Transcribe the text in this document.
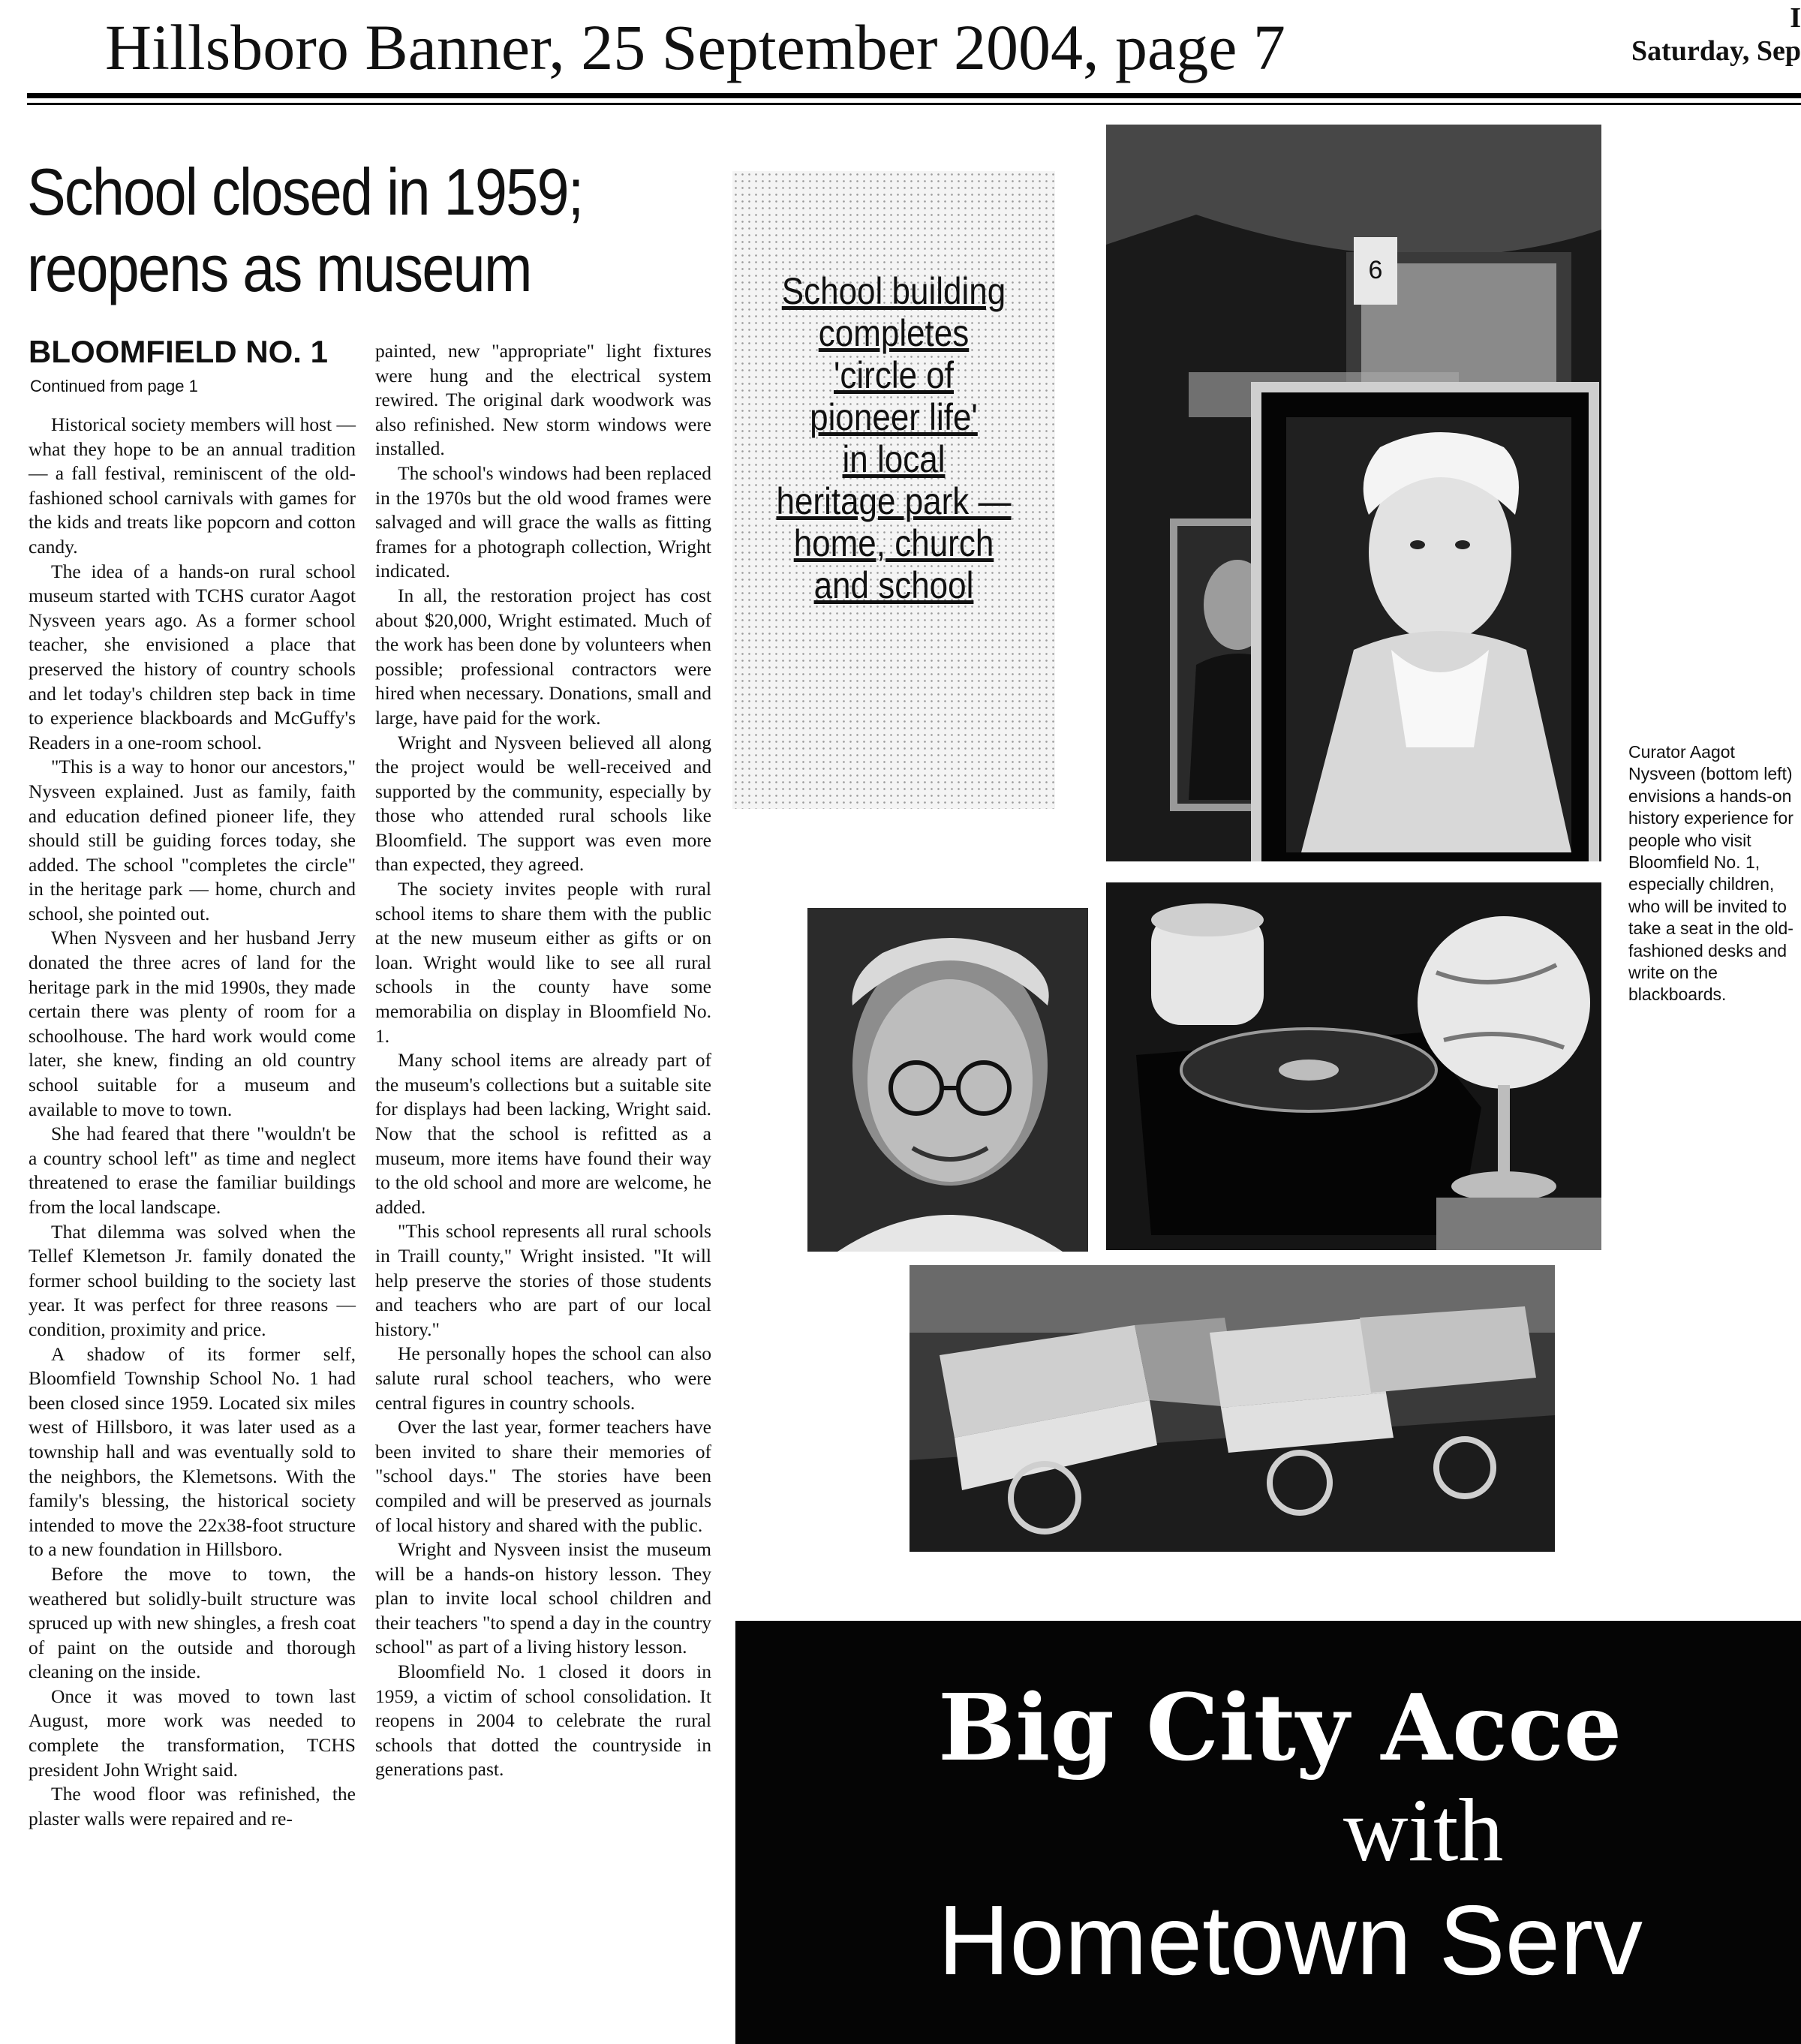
Hillsboro Banner, 25 September 2004, page 7	I
Saturday, Sep
School closed in 1959;
reopens as museum
BLOOMFIELD NO. 1
Continued from page 1

Historical society members will host — what they hope to be an annual tradition — a fall festival, reminiscent of the old-fashioned school carnivals with games for the kids and treats like popcorn and cotton candy.

The idea of a hands-on rural school museum started with TCHS curator Aagot Nysveen years ago. As a former school teacher, she envisioned a place that preserved the history of country schools and let today's children step back in time to experience blackboards and McGuffy's Readers in a one-room school.

"This is a way to honor our ancestors," Nysveen explained. Just as family, faith and education defined pioneer life, they should still be guiding forces today, she added. The school "completes the circle" in the heritage park — home, church and school, she pointed out.

When Nysveen and her husband Jerry donated the three acres of land for the heritage park in the mid 1990s, they made certain there was plenty of room for a schoolhouse. The hard work would come later, she knew, finding an old country school suitable for a museum and available to move to town.

She had feared that there "wouldn't be a country school left" as time and neglect threatened to erase the familiar buildings from the local landscape.

That dilemma was solved when the Tellef Klemetson Jr. family donated the former school building to the society last year. It was perfect for three reasons — condition, proximity and price.

A shadow of its former self, Bloomfield Township School No. 1 had been closed since 1959. Located six miles west of Hillsboro, it was later used as a township hall and was eventually sold to the neighbors, the Klemetsons. With the family's blessing, the historical society intended to move the 22x38-foot structure to a new foundation in Hillsboro.

Before the move to town, the weathered but solidly-built structure was spruced up with new shingles, a fresh coat of paint on the outside and thorough cleaning on the inside.

Once it was moved to town last August, more work was needed to complete the transformation, TCHS president John Wright said.

The wood floor was refinished, the plaster walls were repaired and re-

painted, new "appropriate" light fixtures were hung and the electrical system rewired. The original dark woodwork was also refinished. New storm windows were installed.

The school's windows had been replaced in the 1970s but the old wood frames were salvaged and will grace the walls as fitting frames for a photograph collection, Wright indicated.

In all, the restoration project has cost about $20,000, Wright estimated. Much of the work has been done by volunteers when possible; professional contractors were hired when necessary. Donations, small and large, have paid for the work.

Wright and Nysveen believed all along the project would be well-received and supported by the community, especially by those who attended rural schools like Bloomfield. The support was even more than expected, they agreed.

The society invites people with rural school items to share them with the public at the new museum either as gifts or on loan. Wright would like to see all rural schools in the county have some memorabilia on display in Bloomfield No. 1.

Many school items are already part of the museum's collections but a suitable site for displays had been lacking, Wright said. Now that the school is refitted as a museum, more items have found their way to the old school and more are welcome, he added.

"This school represents all rural schools in Traill county," Wright insisted. "It will help preserve the stories of those students and teachers who are part of our local history."

He personally hopes the school can also salute rural school teachers, who were central figures in country schools.

Over the last year, former teachers have been invited to share their memories of "school days." The stories have been compiled and will be preserved as journals of local history and shared with the public.

Wright and Nysveen insist the museum will be a hands-on history lesson. They plan to invite local school children and their teachers "to spend a day in the country school" as part of a living history lesson.

Bloomfield No. 1 closed it doors in 1959, a victim of school consolidation. It reopens in 2004 to celebrate the rural schools that dotted the countryside in generations past.

School building
completes
'circle of
pioneer life'
in local
heritage park —
home, church
and school
6
Curator Aagot Nysveen (bottom left) envisions a hands-on history experience for people who visit Bloomfield No. 1, especially children, who will be invited to take a seat in the old-fashioned desks and write on the blackboards.
Big City Acce
with
Hometown Serv
